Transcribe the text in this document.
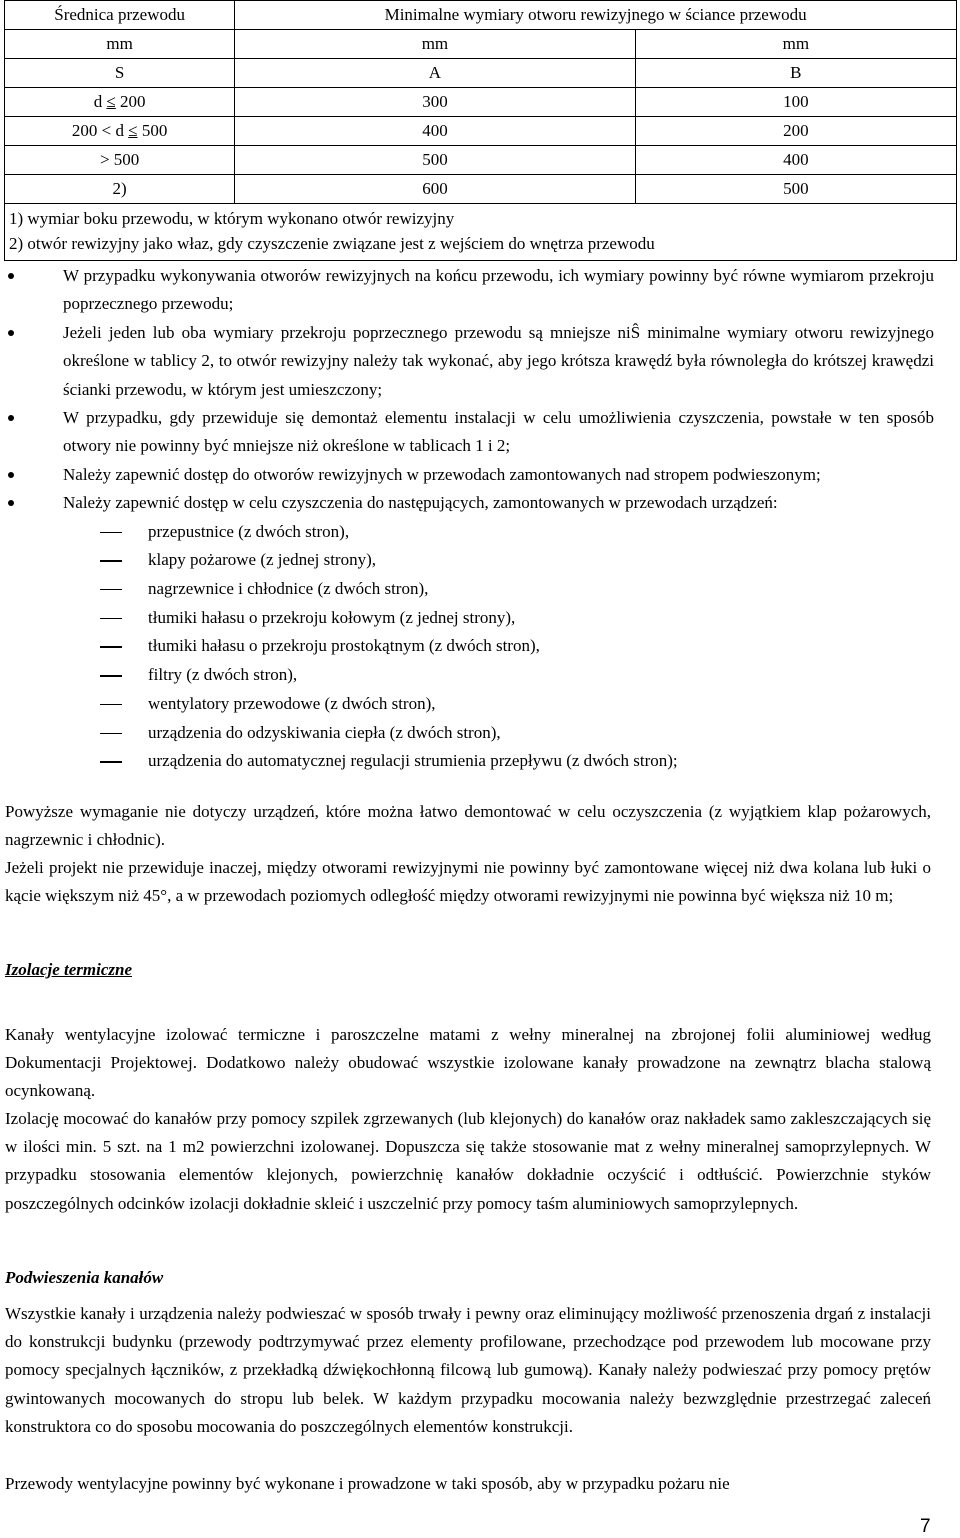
Średnica przewodu	Minimalne wymiary otworu rewizyjnego w ściance przewodu	
mm	mm	mm
S	A	B
d ≤ 200	300	100
200 < d ≤ 500	400	200
> 500	500	400
2)	600	500

1) wymiar boku przewodu, w którym wykonano otwór rewizyjny
2) otwór rewizyjny jako właz, gdy czyszczenie związane jest z wejściem do wnętrza przewodu		
W przypadku wykonywania otworów rewizyjnych na końcu przewodu, ich wymiary powinny być równe wymiarom przekroju poprzecznego przewodu;
Jeżeli jeden lub oba wymiary przekroju poprzecznego przewodu są mniejsze niŜ minimalne wymiary otworu rewizyjnego określone w tablicy 2, to otwór rewizyjny należy tak wykonać, aby jego krótsza krawędź była równoległa do krótszej krawędzi ścianki przewodu, w którym jest umieszczony;
W przypadku, gdy przewiduje się demontaż elementu instalacji w celu umożliwienia czyszczenia, powstałe w ten sposób otwory nie powinny być mniejsze niż określone w tablicach 1 i 2;
Należy zapewnić dostęp do otworów rewizyjnych w przewodach zamontowanych nad stropem podwieszonym;
Należy zapewnić dostęp w celu czyszczenia do następujących, zamontowanych w przewodach urządzeń:
przepustnice (z dwóch stron),
klapy pożarowe (z jednej strony),
nagrzewnice i chłodnice (z dwóch stron),
tłumiki hałasu o przekroju kołowym (z jednej strony),
tłumiki hałasu o przekroju prostokątnym (z dwóch stron),
filtry (z dwóch stron),
wentylatory przewodowe (z dwóch stron),
urządzenia do odzyskiwania ciepła (z dwóch stron),
urządzenia do automatycznej regulacji strumienia przepływu (z dwóch stron);
Powyższe wymaganie nie dotyczy urządzeń, które można łatwo demontować w celu oczyszczenia (z wyjątkiem klap pożarowych, nagrzewnic i chłodnic).
Jeżeli projekt nie przewiduje inaczej, między otworami rewizyjnymi nie powinny być zamontowane więcej niż dwa kolana lub łuki o kącie większym niż 45°, a w przewodach poziomych odległość między otworami rewizyjnymi nie powinna być większa niż 10 m;
Izolacje termiczne
Kanały wentylacyjne izolować termiczne i paroszczelne matami z wełny mineralnej na zbrojonej folii aluminiowej według Dokumentacji Projektowej. Dodatkowo należy obudować wszystkie izolowane kanały prowadzone na zewnątrz blacha stalową ocynkowaną.
Izolację mocować do kanałów przy pomocy szpilek zgrzewanych (lub klejonych) do kanałów oraz nakładek samo zakleszczających się w ilości min. 5 szt. na 1 m2 powierzchni izolowanej. Dopuszcza się także stosowanie mat z wełny mineralnej samoprzylepnych. W przypadku stosowania elementów klejonych, powierzchnię kanałów dokładnie oczyścić i odtłuścić. Powierzchnie styków poszczególnych odcinków izolacji dokładnie skleić i uszczelnić przy pomocy taśm aluminiowych samoprzylepnych.
Podwieszenia kanałów
Wszystkie kanały i urządzenia należy podwieszać w sposób trwały i pewny oraz eliminujący możliwość przenoszenia drgań z instalacji do konstrukcji budynku (przewody podtrzymywać przez elementy profilowane, przechodzące pod przewodem lub mocowane przy pomocy specjalnych łączników, z przekładką dźwiękochłonną filcową lub gumową). Kanały należy podwieszać przy pomocy prętów gwintowanych mocowanych do stropu lub belek. W każdym przypadku mocowania należy bezwzględnie przestrzegać zaleceń konstruktora co do sposobu mocowania do poszczególnych elementów konstrukcji.
Przewody wentylacyjne powinny być wykonane i prowadzone w taki sposób, aby w przypadku pożaru nie
7
